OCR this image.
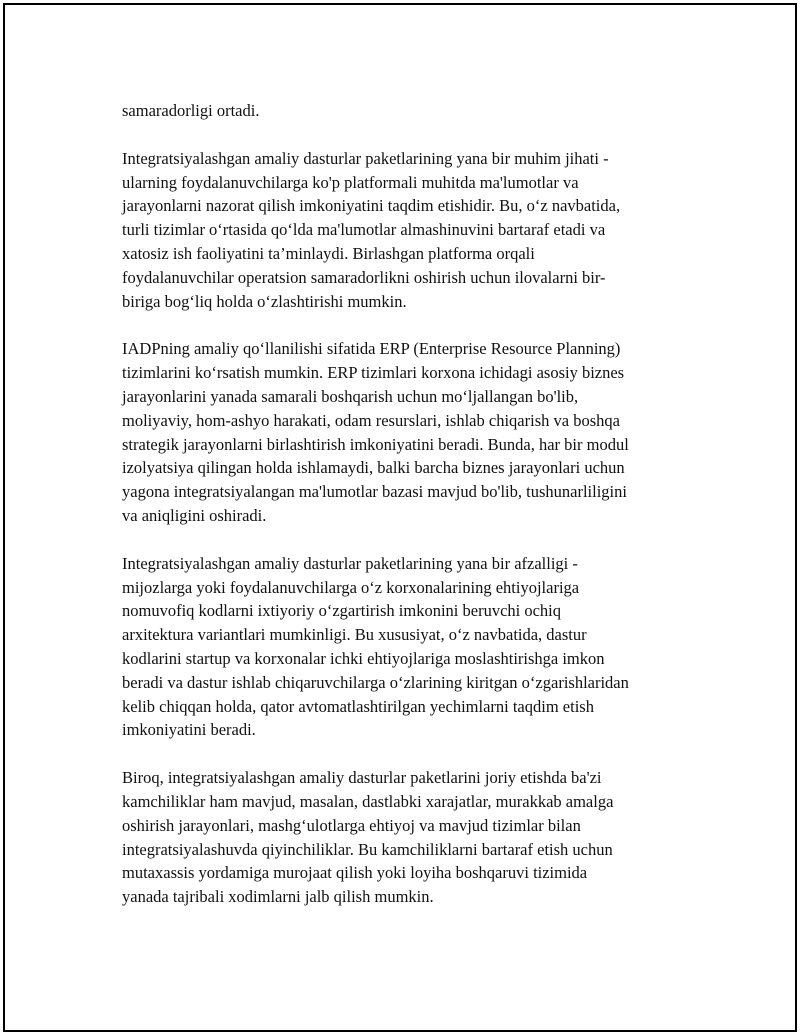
samaradorligi ortadi.

Integratsiyalashgan amaliy dasturlar paketlarining yana bir muhim jihati -
ularning foydalanuvchilarga ko'p platformali muhitda ma'lumotlar va
jarayonlarni nazorat qilish imkoniyatini taqdim etishidir. Bu, o‘z navbatida,
turli tizimlar o‘rtasida qo‘lda ma'lumotlar almashinuvini bartaraf etadi va
xatosiz ish faoliyatini ta’minlaydi. Birlashgan platforma orqali
foydalanuvchilar operatsion samaradorlikni oshirish uchun ilovalarni bir-
biriga bog‘liq holda o‘zlashtirishi mumkin.

IADPning amaliy qo‘llanilishi sifatida ERP (Enterprise Resource Planning)
tizimlarini ko‘rsatish mumkin. ERP tizimlari korxona ichidagi asosiy biznes
jarayonlarini yanada samarali boshqarish uchun mo‘ljallangan bo'lib,
moliyaviy, hom-ashyo harakati, odam resurslari, ishlab chiqarish va boshqa
strategik jarayonlarni birlashtirish imkoniyatini beradi. Bunda, har bir modul
izolyatsiya qilingan holda ishlamaydi, balki barcha biznes jarayonlari uchun
yagona integratsiyalangan ma'lumotlar bazasi mavjud bo'lib, tushunarliligini
va aniqligini oshiradi.

Integratsiyalashgan amaliy dasturlar paketlarining yana bir afzalligi -
mijozlarga yoki foydalanuvchilarga o‘z korxonalarining ehtiyojlariga
nomuvofiq kodlarni ixtiyoriy o‘zgartirish imkonini beruvchi ochiq
arxitektura variantlari mumkinligi. Bu xususiyat, o‘z navbatida, dastur
kodlarini startup va korxonalar ichki ehtiyojlariga moslashtirishga imkon
beradi va dastur ishlab chiqaruvchilarga o‘zlarining kiritgan o‘zgarishlaridan
kelib chiqqan holda, qator avtomatlashtirilgan yechimlarni taqdim etish
imkoniyatini beradi.

Biroq, integratsiyalashgan amaliy dasturlar paketlarini joriy etishda ba'zi
kamchiliklar ham mavjud, masalan, dastlabki xarajatlar, murakkab amalga
oshirish jarayonlari, mashg‘ulotlarga ehtiyoj va mavjud tizimlar bilan
integratsiyalashuvda qiyinchiliklar. Bu kamchiliklarni bartaraf etish uchun
mutaxassis yordamiga murojaat qilish yoki loyiha boshqaruvi tizimida
yanada tajribali xodimlarni jalb qilish mumkin.
